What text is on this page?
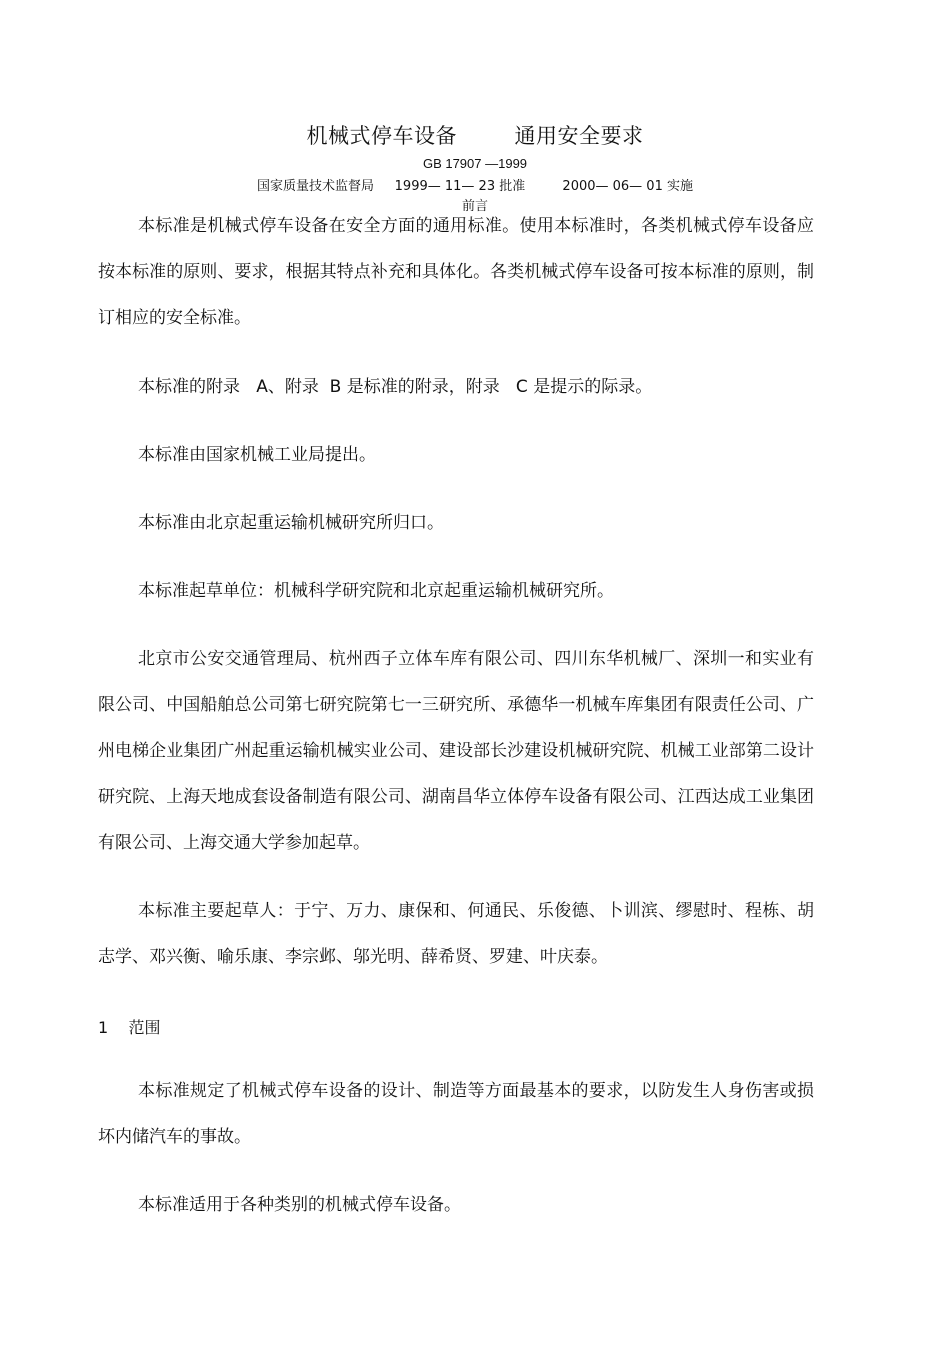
机械式停车设备        通用安全要求
GB 17907 —1999
国家质量技术监督局     1999— 11— 23 批准         2000— 06— 01 实施
前言
本标准是机械式停车设备在安全方面的通用标准。使用本标准时，各类机械式停车设备应按本标准的原则、要求，根据其特点补充和具体化。各类机械式停车设备可按本标准的原则，制订相应的安全标准。
本标准的附录   A、附录  B 是标准的附录，附录   C 是提示的际录。
本标准由国家机械工业局提出。
本标准由北京起重运输机械研究所归口。
本标准起草单位：机械科学研究院和北京起重运输机械研究所。
北京市公安交通管理局、杭州西子立体车库有限公司、四川东华机械厂、深圳一和实业有限公司、中国船舶总公司第七研究院第七一三研究所、承德华一机械车库集团有限责任公司、广州电梯企业集团广州起重运输机械实业公司、建设部长沙建设机械研究院、机械工业部第二设计研究院、上海天地成套设备制造有限公司、湖南昌华立体停车设备有限公司、江西达成工业集团有限公司、上海交通大学参加起草。
本标准主要起草人：于宁、万力、康保和、何通民、乐俊德、卜训滨、缪慰时、程栋、胡志学、邓兴衡、喻乐康、李宗邺、邬光明、薛希贤、罗建、叶庆泰。
1    范围
本标准规定了机械式停车设备的设计、制造等方面最基本的要求，以防发生人身伤害或损坏内储汽车的事故。
本标准适用于各种类别的机械式停车设备。
